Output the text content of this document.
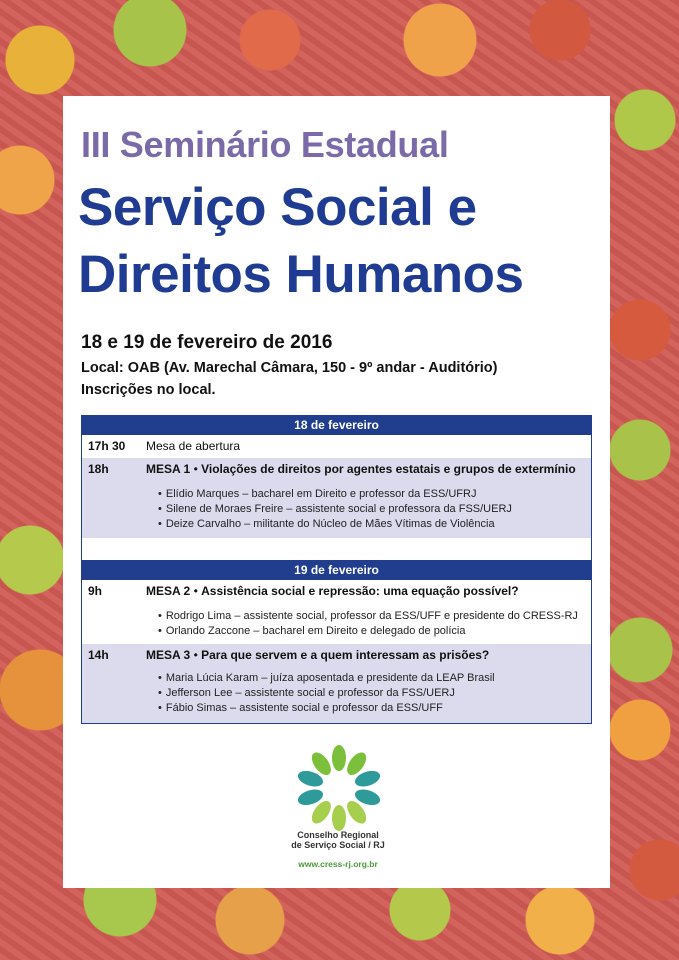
III Seminário Estadual
Serviço Social e Direitos Humanos
18 e 19 de fevereiro de 2016
Local: OAB (Av. Marechal Câmara, 150 - 9º andar - Auditório)
Inscrições no local.
18 de fevereiro
17h 30 Mesa de abertura
18h	MESA 1 • Violações de direitos por agentes estatais e grupos de extermínio
• Elídio Marques – bacharel em Direito e professor da ESS/UFRJ
• Silene de Moraes Freire – assistente social e professora da FSS/UERJ
• Deize Carvalho – militante do Núcleo de Mães Vítimas de Violência
19 de fevereiro
9h	MESA 2 • Assistência social e repressão: uma equação possível?
• Rodrigo Lima – assistente social, professor da ESS/UFF e presidente do CRESS-RJ
• Orlando Zaccone – bacharel em Direito e delegado de polícia
14h	MESA 3 • Para que servem e a quem interessam as prisões?
• Maria Lúcia Karam – juíza aposentada e presidente da LEAP Brasil
• Jefferson Lee – assistente social e professor da FSS/UERJ
• Fábio Simas – assistente social e professor da ESS/UFF
Conselho Regional
de Serviço Social / RJ
www.cress-rj.org.br
